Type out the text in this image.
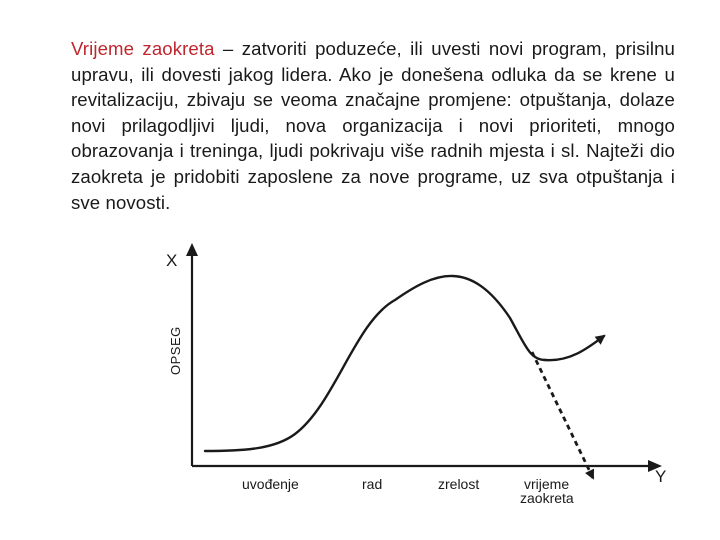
X
Y
OPSEG
uvođenje	rad	zrelost	vrijeme
zaokreta
Vrijeme zaokreta – zatvoriti poduzeće, ili uvesti novi program, prisilnu upravu, ili dovesti jakog lidera. Ako je donešena odluka da se krene u revitalizaciju, zbivaju se veoma značajne promjene: otpuštanja, dolaze novi prilagodljivi ljudi, nova organizacija i novi prioriteti, mnogo obrazovanja i treninga, ljudi pokrivaju više radnih mjesta i sl. Najteži dio zaokreta je pridobiti zaposlene za nove programe, uz sva otpuštanja i sve novosti.
